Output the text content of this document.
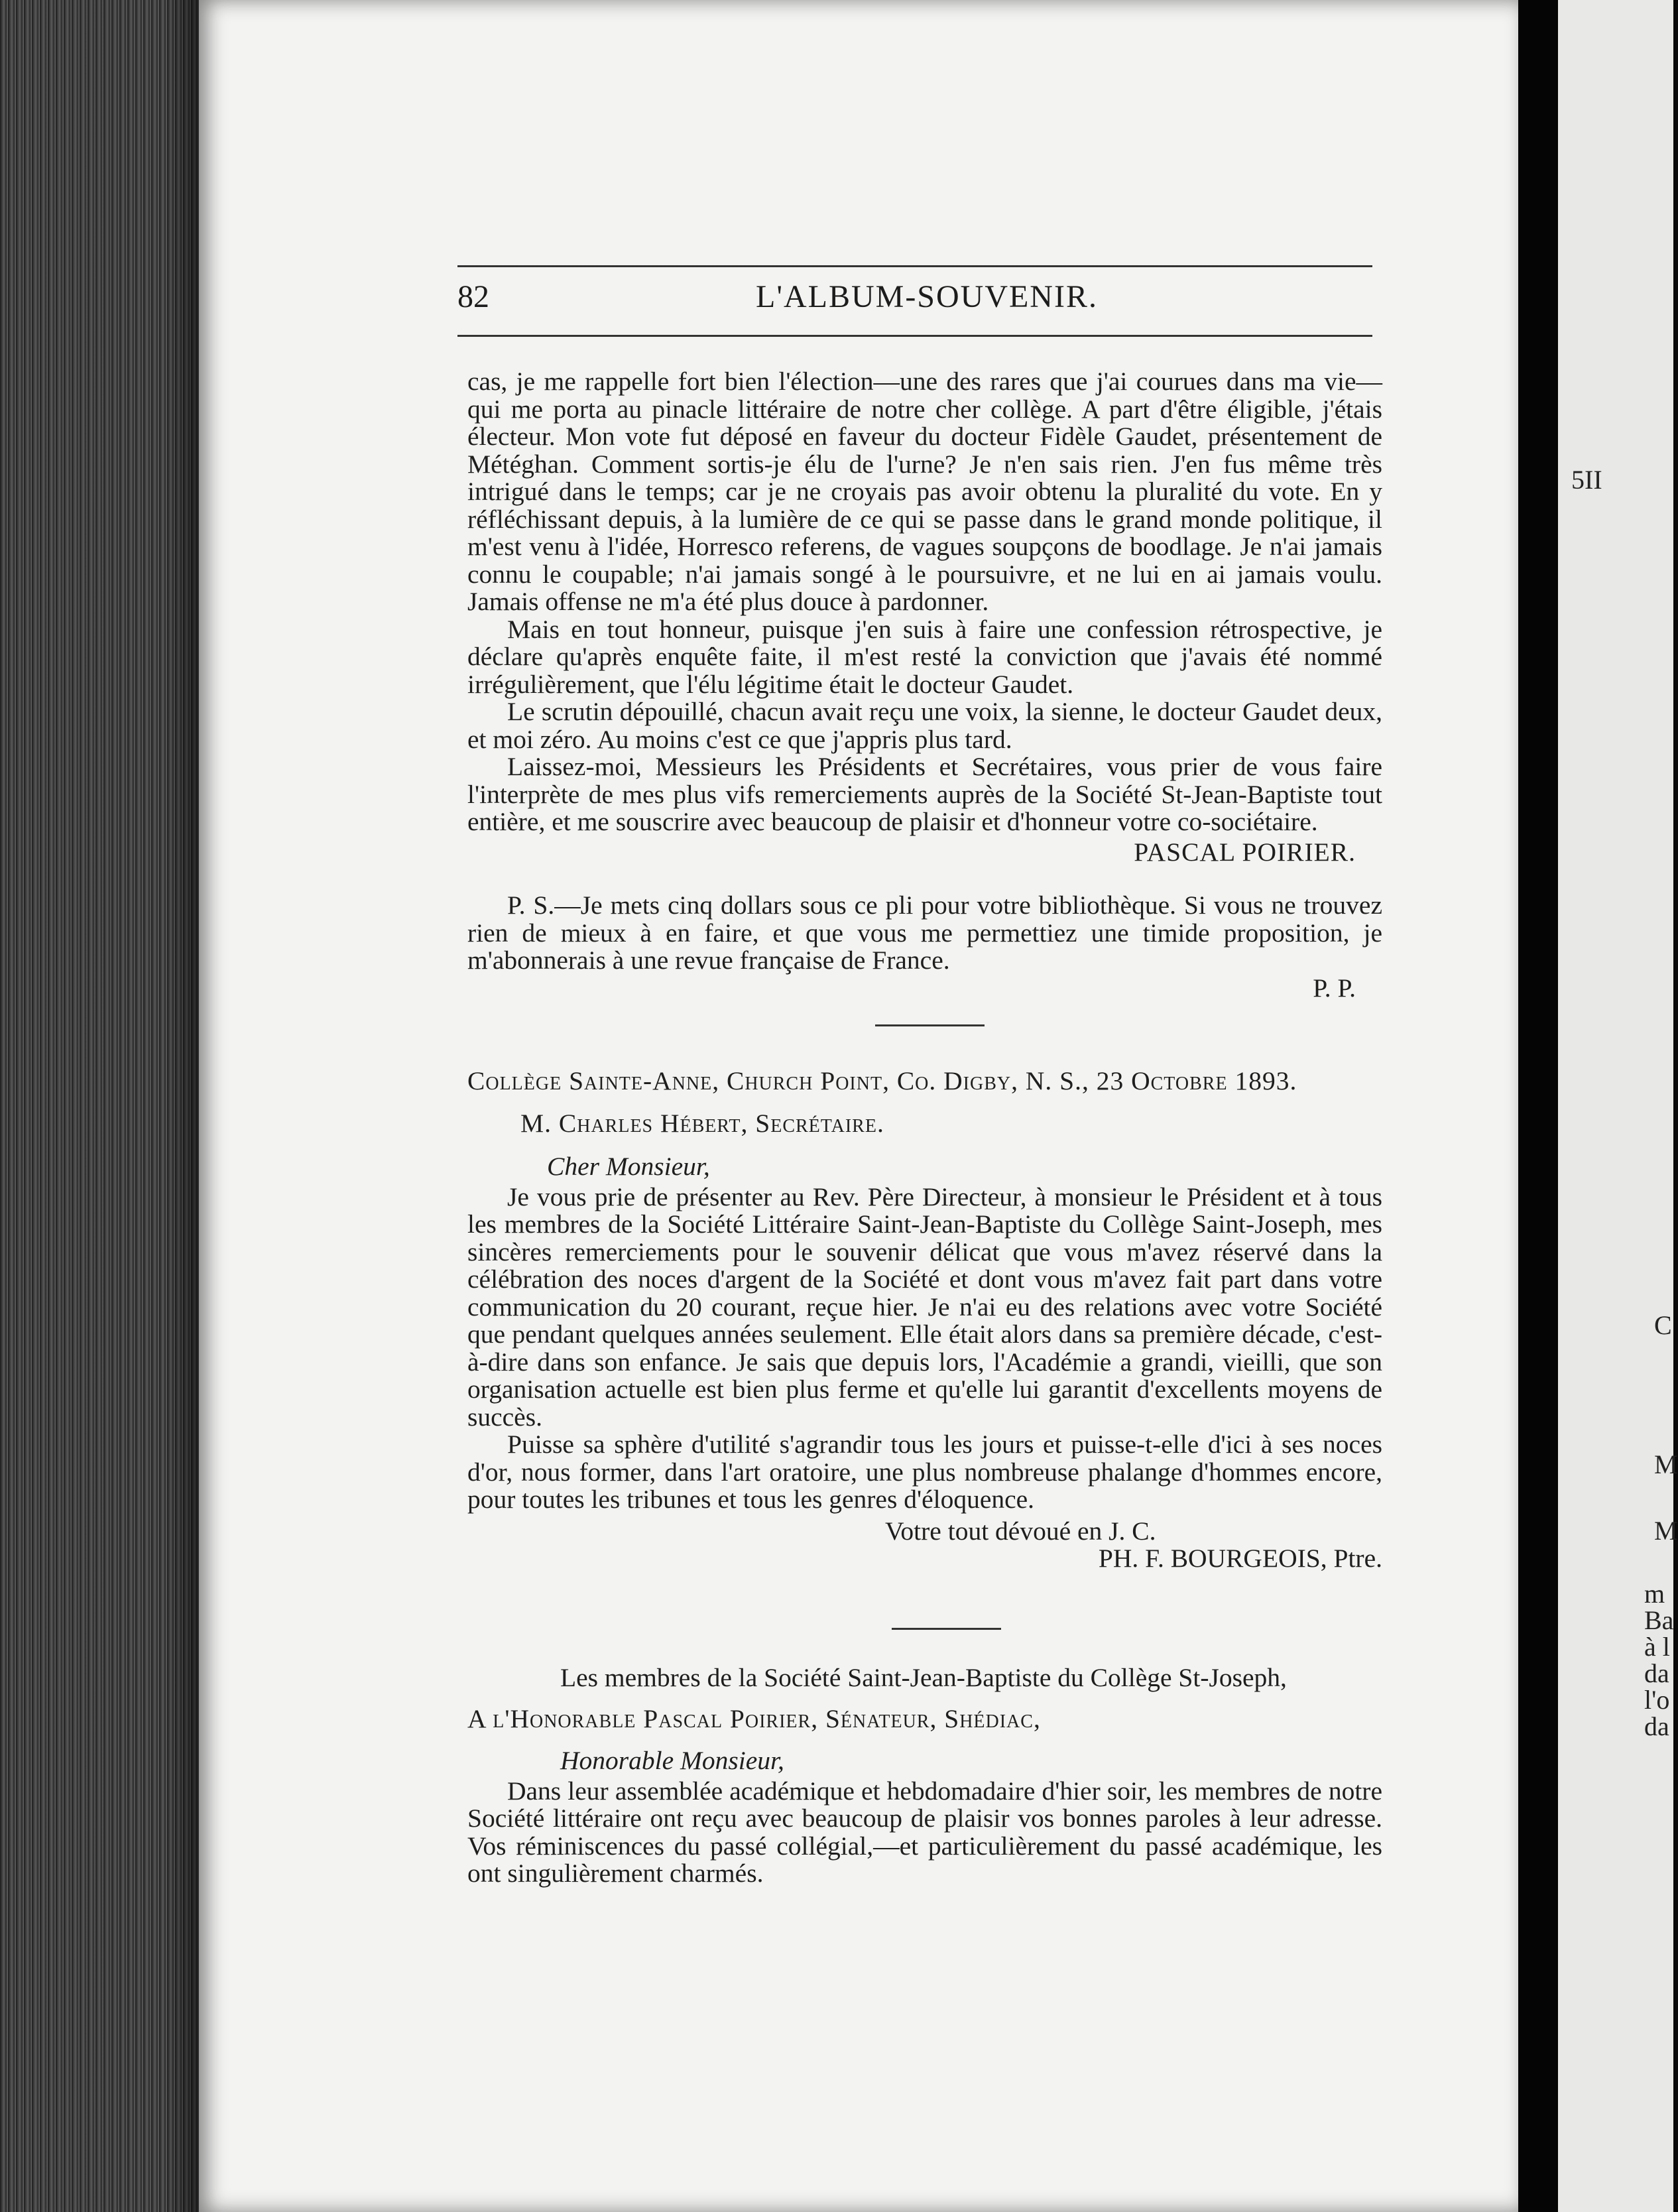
5II
C
M
M
m
Ba
à l
da
l'o
da
82	L'ALBUM-SOUVENIR.

cas, je me rappelle fort bien l'élection—une des rares que j'ai courues dans ma vie—qui me porta au pinacle littéraire de notre cher collège. A part d'être éligible, j'étais électeur. Mon vote fut déposé en faveur du docteur Fidèle Gaudet, présentement de Météghan. Comment sortis-je élu de l'urne? Je n'en sais rien. J'en fus même très intrigué dans le temps; car je ne croyais pas avoir obtenu la pluralité du vote. En y réfléchissant depuis, à la lumière de ce qui se passe dans le grand monde politique, il m'est venu à l'idée, Horresco referens, de vagues soupçons de boodlage. Je n'ai jamais connu le coupable; n'ai jamais songé à le poursuivre, et ne lui en ai jamais voulu. Jamais offense ne m'a été plus douce à pardonner.

Mais en tout honneur, puisque j'en suis à faire une confession rétrospective, je déclare qu'après enquête faite, il m'est resté la conviction que j'avais été nommé irrégulièrement, que l'élu légitime était le docteur Gaudet.

Le scrutin dépouillé, chacun avait reçu une voix, la sienne, le docteur Gaudet deux, et moi zéro. Au moins c'est ce que j'appris plus tard.

Laissez-moi, Messieurs les Présidents et Secrétaires, vous prier de vous faire l'interprète de mes plus vifs remerciements auprès de la Société St-Jean-Baptiste tout entière, et me souscrire avec beaucoup de plaisir et d'honneur votre co-sociétaire.

PASCAL POIRIER.

P. S.—Je mets cinq dollars sous ce pli pour votre bibliothèque. Si vous ne trouvez rien de mieux à en faire, et que vous me permettiez une timide proposition, je m'abonnerais à une revue française de France.

P. P.

Collège Sainte-Anne, Church Point, Co. Digby, N. S., 23 Octobre 1893.

M. Charles Hébert, Secrétaire.

Cher Monsieur,

Je vous prie de présenter au Rev. Père Directeur, à monsieur le Président et à tous les membres de la Société Littéraire Saint-Jean-Baptiste du Collège Saint-Joseph, mes sincères remerciements pour le souvenir délicat que vous m'avez réservé dans la célébration des noces d'argent de la Société et dont vous m'avez fait part dans votre communication du 20 courant, reçue hier. Je n'ai eu des relations avec votre Société que pendant quelques années seulement. Elle était alors dans sa première décade, c'est-à-dire dans son enfance. Je sais que depuis lors, l'Académie a grandi, vieilli, que son organisation actuelle est bien plus ferme et qu'elle lui garantit d'excellents moyens de succès.

Puisse sa sphère d'utilité s'agrandir tous les jours et puisse-t-elle d'ici à ses noces d'or, nous former, dans l'art oratoire, une plus nombreuse phalange d'hommes encore, pour toutes les tribunes et tous les genres d'éloquence.

Votre tout dévoué en J. C.

PH. F. BOURGEOIS, Ptre.

Les membres de la Société Saint-Jean-Baptiste du Collège St-Joseph,

A l'Honorable Pascal Poirier, Sénateur, Shédiac,

Honorable Monsieur,

Dans leur assemblée académique et hebdomadaire d'hier soir, les membres de notre Société littéraire ont reçu avec beaucoup de plaisir vos bonnes paroles à leur adresse. Vos réminiscences du passé collégial,—et particulièrement du passé académique, les ont singulièrement charmés.
